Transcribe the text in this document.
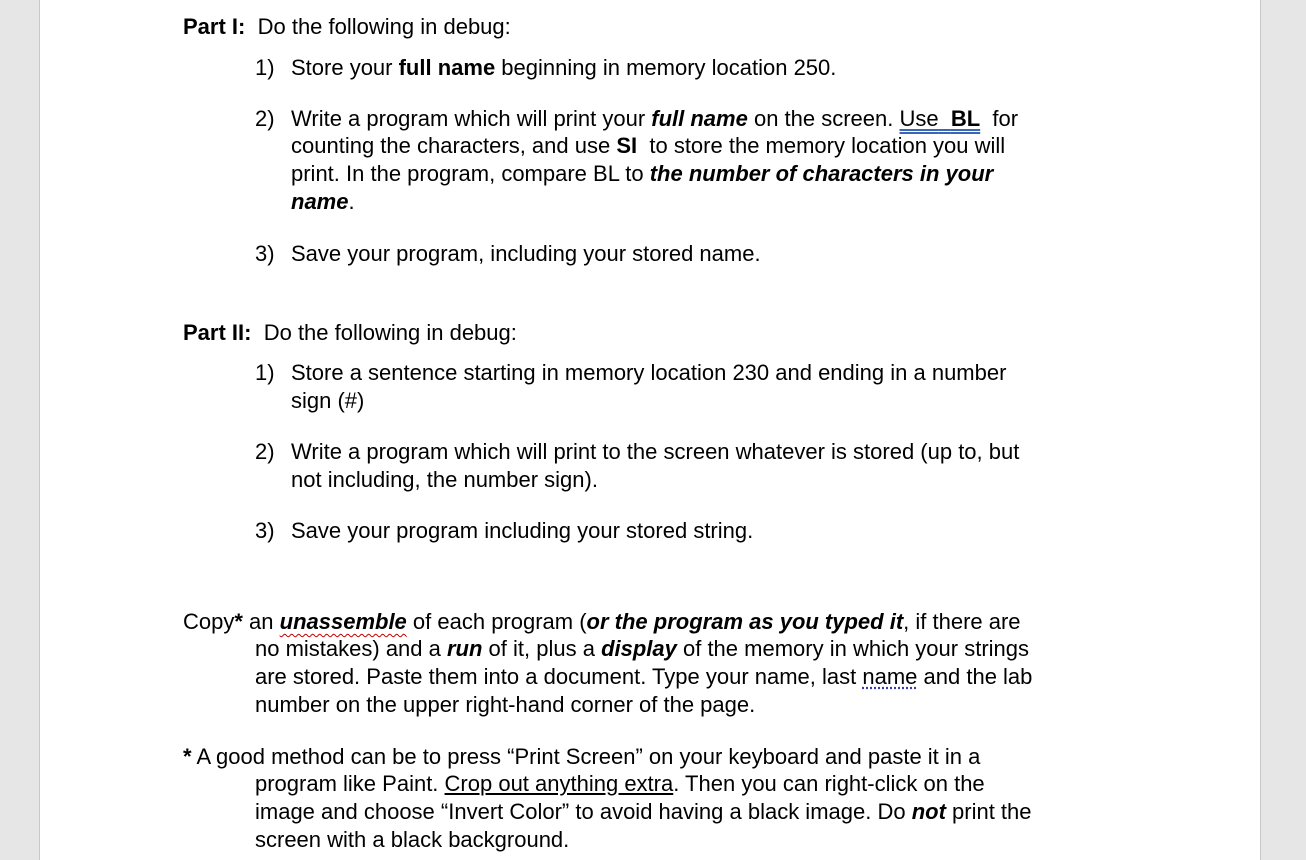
Part I: Do the following in debug:
1) Store your full name beginning in memory location 250.
2) Write a program which will print your full name on the screen. Use BL for
counting the characters, and use SI  to store the memory location you will
print. In the program, compare BL to the number of characters in your
name.
3) Save your program, including your stored name.
Part II: Do the following in debug:
1) Store a sentence starting in memory location 230 and ending in a number
sign (#)
2) Write a program which will print to the screen whatever is stored (up to, but
not including, the number sign).
3) Save your program including your stored string.
Copy* an unassemble of each program (or the program as you typed it, if there are
no mistakes) and a run of it, plus a display of the memory in which your strings
are stored. Paste them into a document. Type your name, last name and the lab
number on the upper right-hand corner of the page.
* A good method can be to press “Print Screen” on your keyboard and paste it in a
program like Paint. Crop out anything extra. Then you can right-click on the
image and choose “Invert Color” to avoid having a black image. Do not print the
screen with a black background.
